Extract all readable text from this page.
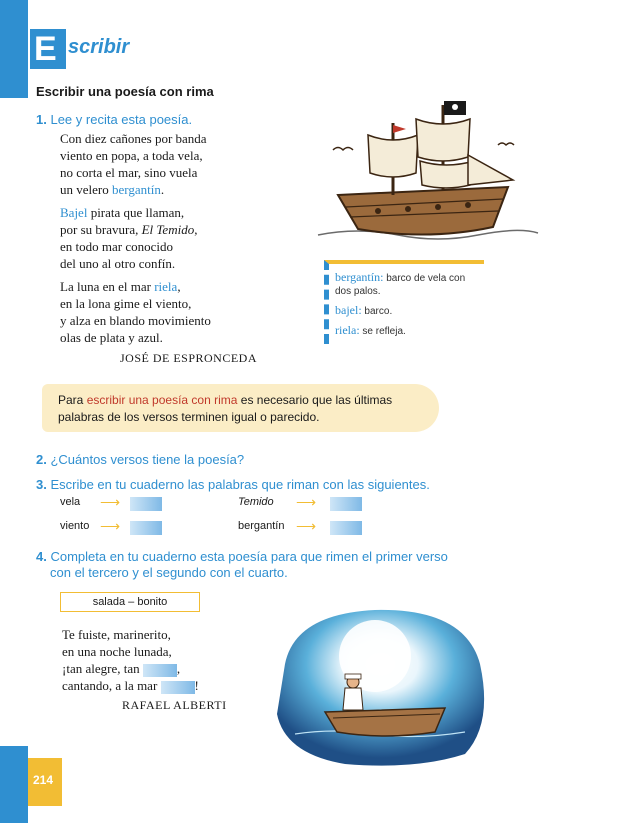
214
E scribir
Escribir una poesía con rima
1. Lee y recita esta poesía.
Con diez cañones por banda
viento en popa, a toda vela,
no corta el mar, sino vuela
un velero bergantín.
Bajel pirata que llaman,
por su bravura, El Temido,
en todo mar conocido
del uno al otro confín.
La luna en el mar riela,
en la lona gime el viento,
y alza en blando movimiento
olas de plata y azul.
JOSÉ DE ESPRONCEDA
bergantín: barco de vela con dos palos.
bajel: barco.
riela: se refleja.
Para escribir una poesía con rima es necesario que las últimas palabras de los versos terminen igual o parecido.
2. ¿Cuántos versos tiene la poesía?
3. Escribe en tu cuaderno las palabras que riman con las siguientes.
vela ⟶	Temido ⟶
viento ⟶	bergantín ⟶
4. Completa en tu cuaderno esta poesía para que rimen el primer verso
con el tercero y el segundo con el cuarto.
salada – bonito
Te fuiste, marinerito,
en una noche lunada,
¡tan alegre, tan	,
cantando, a la mar	!
RAFAEL ALBERTI
